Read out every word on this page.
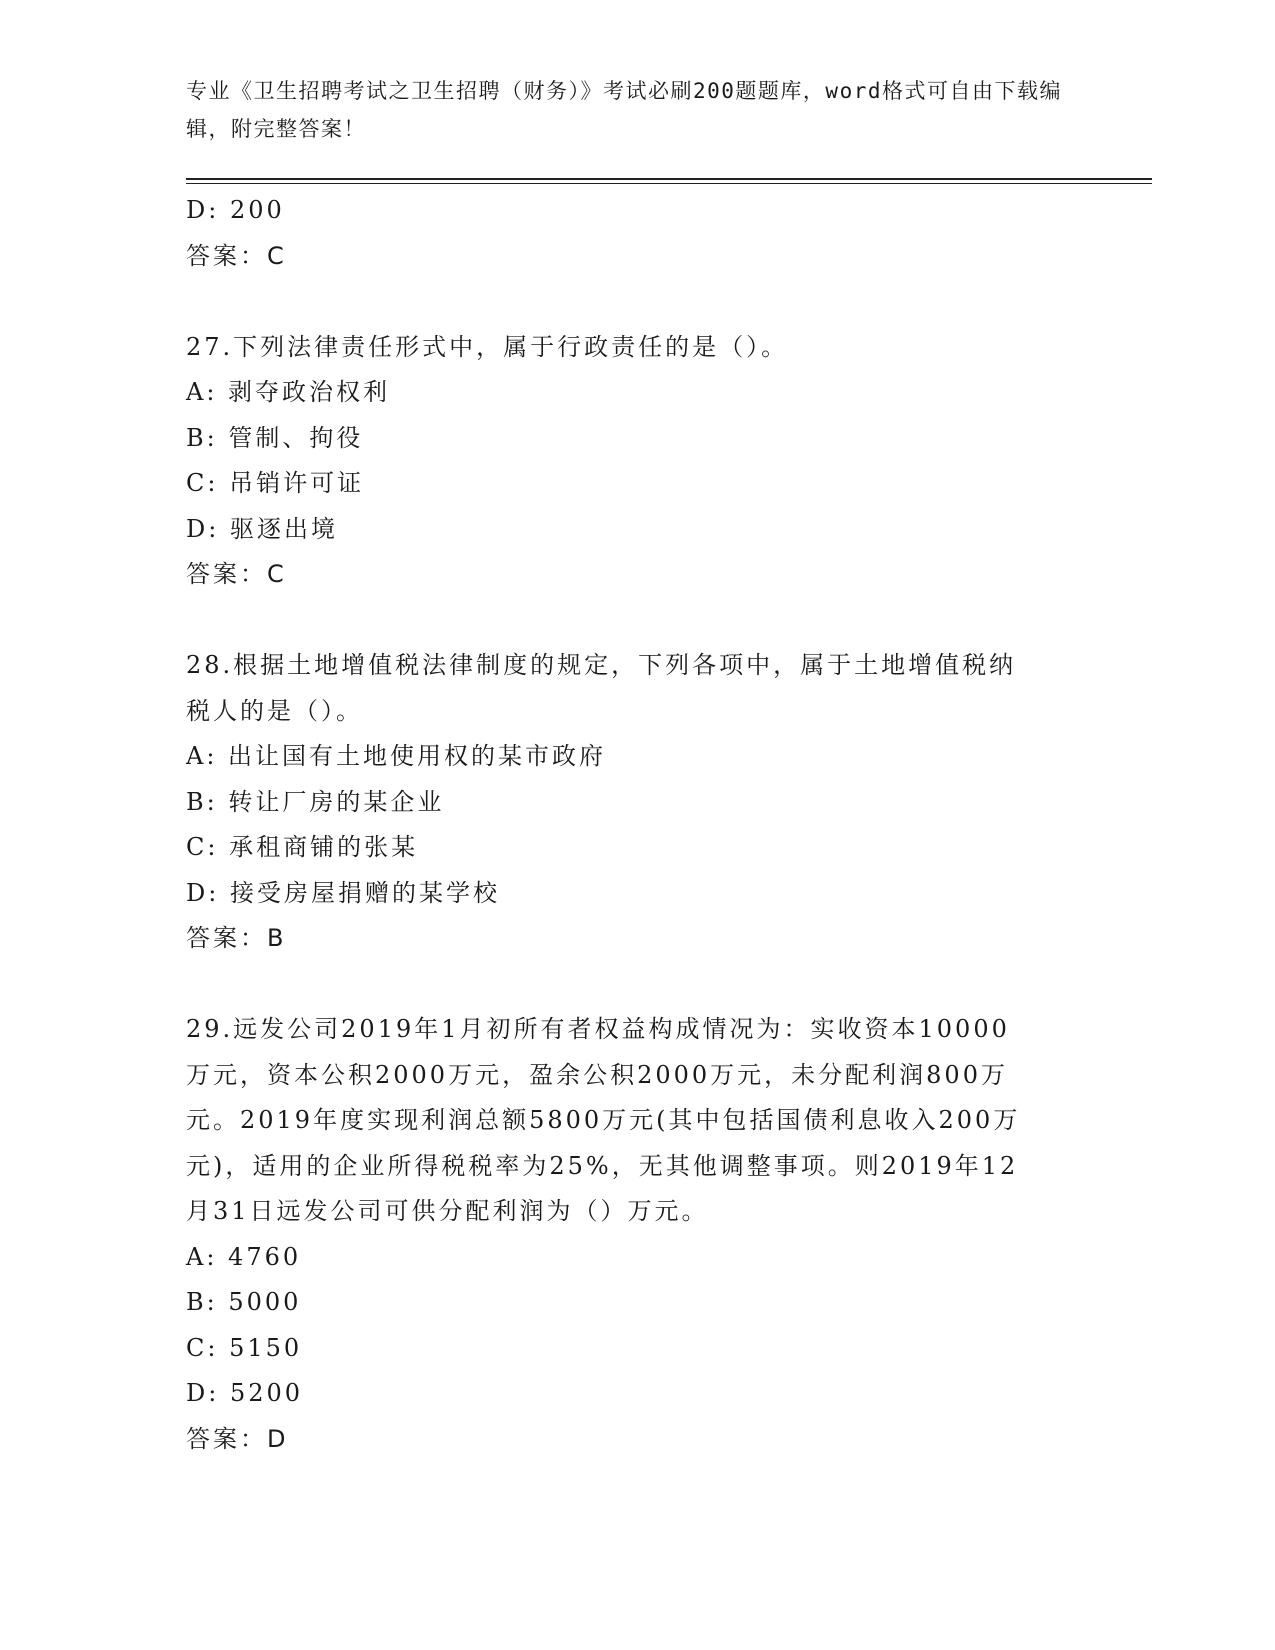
专业《卫生招聘考试之卫生招聘（财务）》考试必刷200题题库，word格式可自由下载编辑，附完整答案！
D: 200
答案：C
27.下列法律责任形式中，属于行政责任的是（）。
A: 剥夺政治权利
B: 管制、拘役
C: 吊销许可证
D: 驱逐出境
答案：C
28.根据土地增值税法律制度的规定，下列各项中，属于土地增值税纳
税人的是（）。
A: 出让国有土地使用权的某市政府
B: 转让厂房的某企业
C: 承租商铺的张某
D: 接受房屋捐赠的某学校
答案：B
29.远发公司2019年1月初所有者权益构成情况为：实收资本10000
万元，资本公积2000万元，盈余公积2000万元，未分配利润800万
元。2019年度实现利润总额5800万元(其中包括国债利息收入200万
元)，适用的企业所得税税率为25%，无其他调整事项。则2019年12
月31日远发公司可供分配利润为（）万元。
A: 4760
B: 5000
C: 5150
D: 5200
答案：D
